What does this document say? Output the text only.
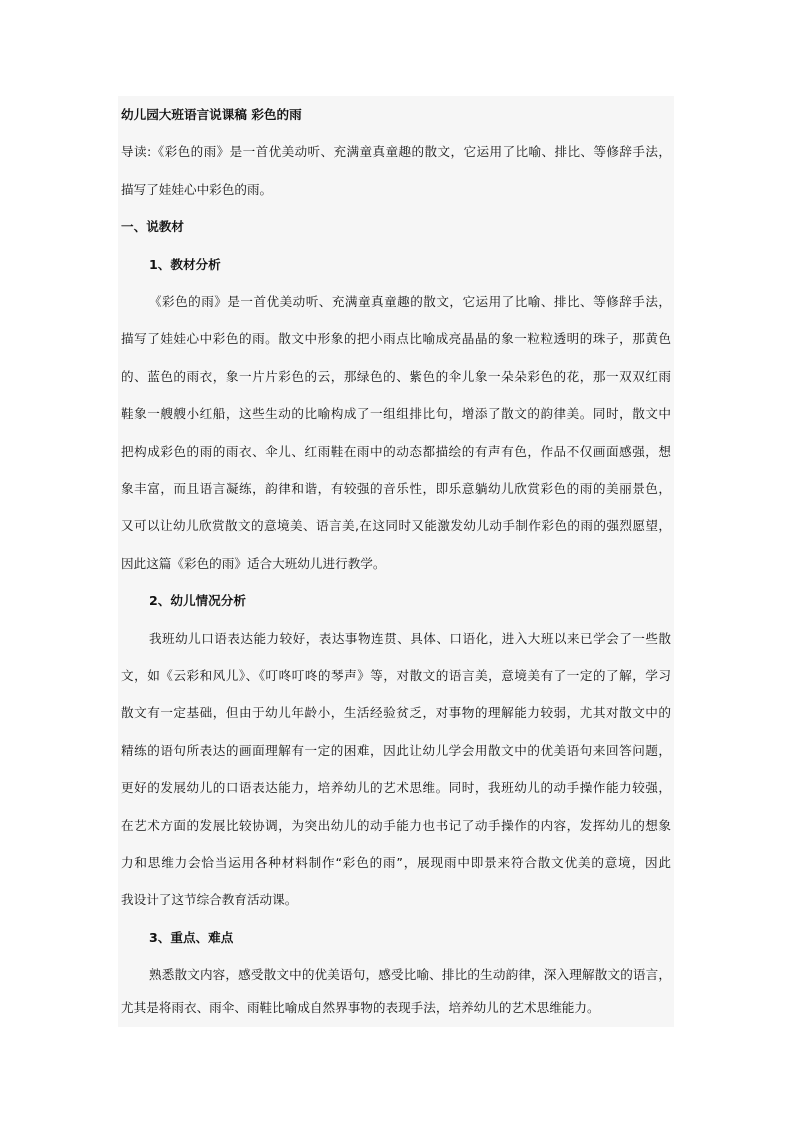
幼儿园大班语言说课稿 彩色的雨
导读:《彩色的雨》是一首优美动听、充满童真童趣的散文，它运用了比喻、排比、等修辞手法，
描写了娃娃心中彩色的雨。
一、说教材
1、教材分析
《彩色的雨》是一首优美动听、充满童真童趣的散文，它运用了比喻、排比、等修辞手法，
描写了娃娃心中彩色的雨。散文中形象的把小雨点比喻成亮晶晶的象一粒粒透明的珠子，那黄色
的、蓝色的雨衣，象一片片彩色的云，那绿色的、紫色的伞儿象一朵朵彩色的花，那一双双红雨
鞋象一艘艘小红船，这些生动的比喻构成了一组组排比句，增添了散文的韵律美。同时，散文中
把构成彩色的雨的雨衣、伞儿、红雨鞋在雨中的动态都描绘的有声有色，作品不仅画面感强，想
象丰富，而且语言凝练，韵律和谐，有较强的音乐性，即乐意躺幼儿欣赏彩色的雨的美丽景色，
又可以让幼儿欣赏散文的意境美、语言美,在这同时又能激发幼儿动手制作彩色的雨的强烈愿望，
因此这篇《彩色的雨》适合大班幼儿进行教学。
2、幼儿情况分析
我班幼儿口语表达能力较好，表达事物连贯、具体、口语化，进入大班以来已学会了一些散
文，如《云彩和风儿》、《叮咚叮咚的琴声》等，对散文的语言美，意境美有了一定的了解，学习
散文有一定基础，但由于幼儿年龄小，生活经验贫乏，对事物的理解能力较弱，尤其对散文中的
精练的语句所表达的画面理解有一定的困难，因此让幼儿学会用散文中的优美语句来回答问题，
更好的发展幼儿的口语表达能力，培养幼儿的艺术思维。同时，我班幼儿的动手操作能力较强，
在艺术方面的发展比较协调，为突出幼儿的动手能力也书记了动手操作的内容，发挥幼儿的想象
力和思维力会恰当运用各种材料制作“彩色的雨”，展现雨中即景来符合散文优美的意境，因此
我设计了这节综合教育活动课。
3、重点、难点
熟悉散文内容，感受散文中的优美语句，感受比喻、排比的生动韵律，深入理解散文的语言，
尤其是将雨衣、雨伞、雨鞋比喻成自然界事物的表现手法，培养幼儿的艺术思维能力。
